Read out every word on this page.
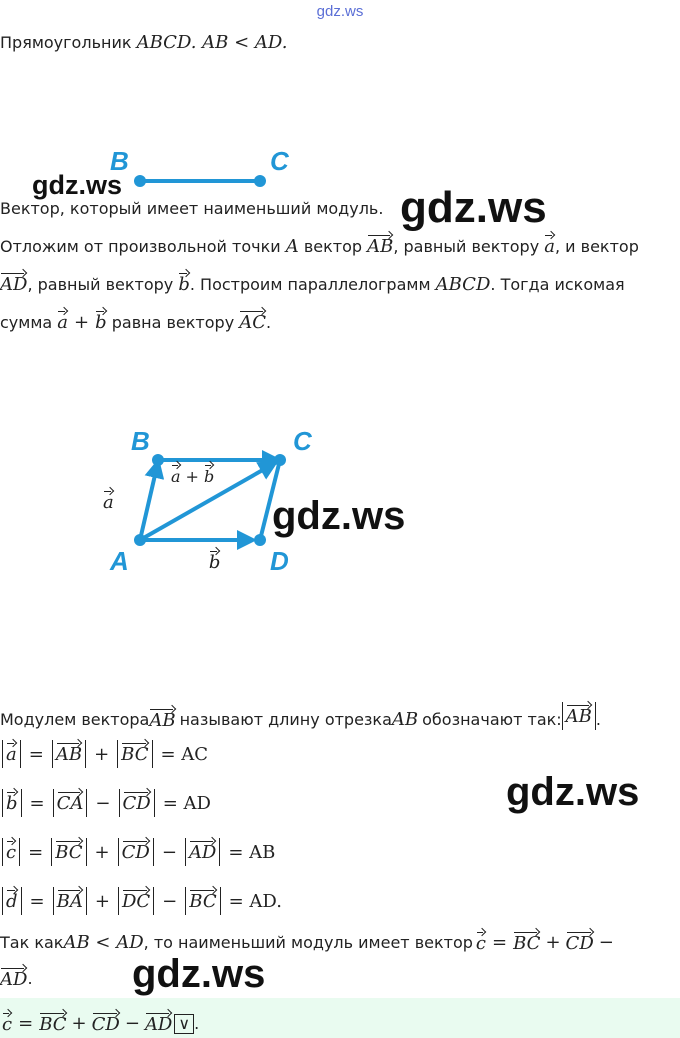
gdz.ws
Прямоугольник ABCD. AB < AD.
B	C
gdz.ws
Вектор, который имеет наименьший модуль. gdz.ws
Отложим от произвольной точки A вектор AB, равный вектору a, и вектор
AD, равный вектору b. Построим параллелограмм ABCD. Тогда искомая
сумма a + b равна вектору AC.
B	C
A	D
a b
a + b
gdz.ws
Модулем вектора AB называют длину отрезка AB обозначают так: AB .
a = AB + BC = AC
b = CA − CD = AD	gdz.ws
c = BC + CD − AD = AB
d = BA + DC − BC = AD.
Так как AB < AD , то наименьший модуль имеет вектор c = BC + CD −
AD . gdz.ws
c = BC + CD − AD ∨ .
